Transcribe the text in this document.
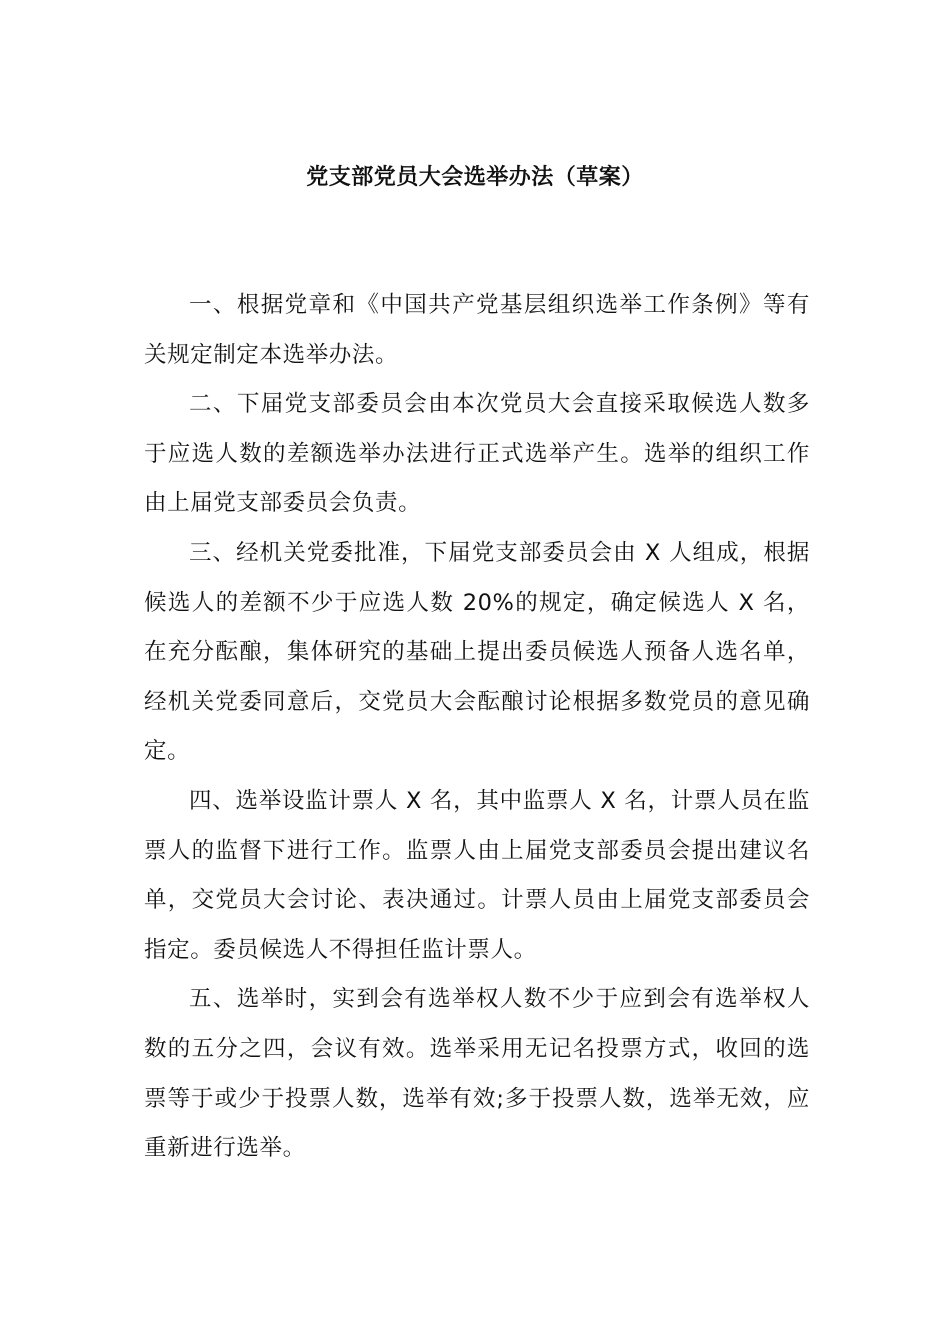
党支部党员大会选举办法（草案）

一、根据党章和《中国共产党基层组织选举工作条例》等有关规定制定本选举办法。

二、下届党支部委员会由本次党员大会直接采取候选人数多于应选人数的差额选举办法进行正式选举产生。选举的组织工作由上届党支部委员会负责。

三、经机关党委批准，下届党支部委员会由 X 人组成，根据候选人的差额不少于应选人数 20%的规定，确定候选人 X 名，在充分酝酿，集体研究的基础上提出委员候选人预备人选名单，经机关党委同意后，交党员大会酝酿讨论根据多数党员的意见确定。

四、选举设监计票人 X 名，其中监票人 X 名，计票人员在监票人的监督下进行工作。监票人由上届党支部委员会提出建议名单，交党员大会讨论、表决通过。计票人员由上届党支部委员会指定。委员候选人不得担任监计票人。

五、选举时，实到会有选举权人数不少于应到会有选举权人数的五分之四，会议有效。选举采用无记名投票方式，收回的选票等于或少于投票人数，选举有效;多于投票人数，选举无效，应重新进行选举。
